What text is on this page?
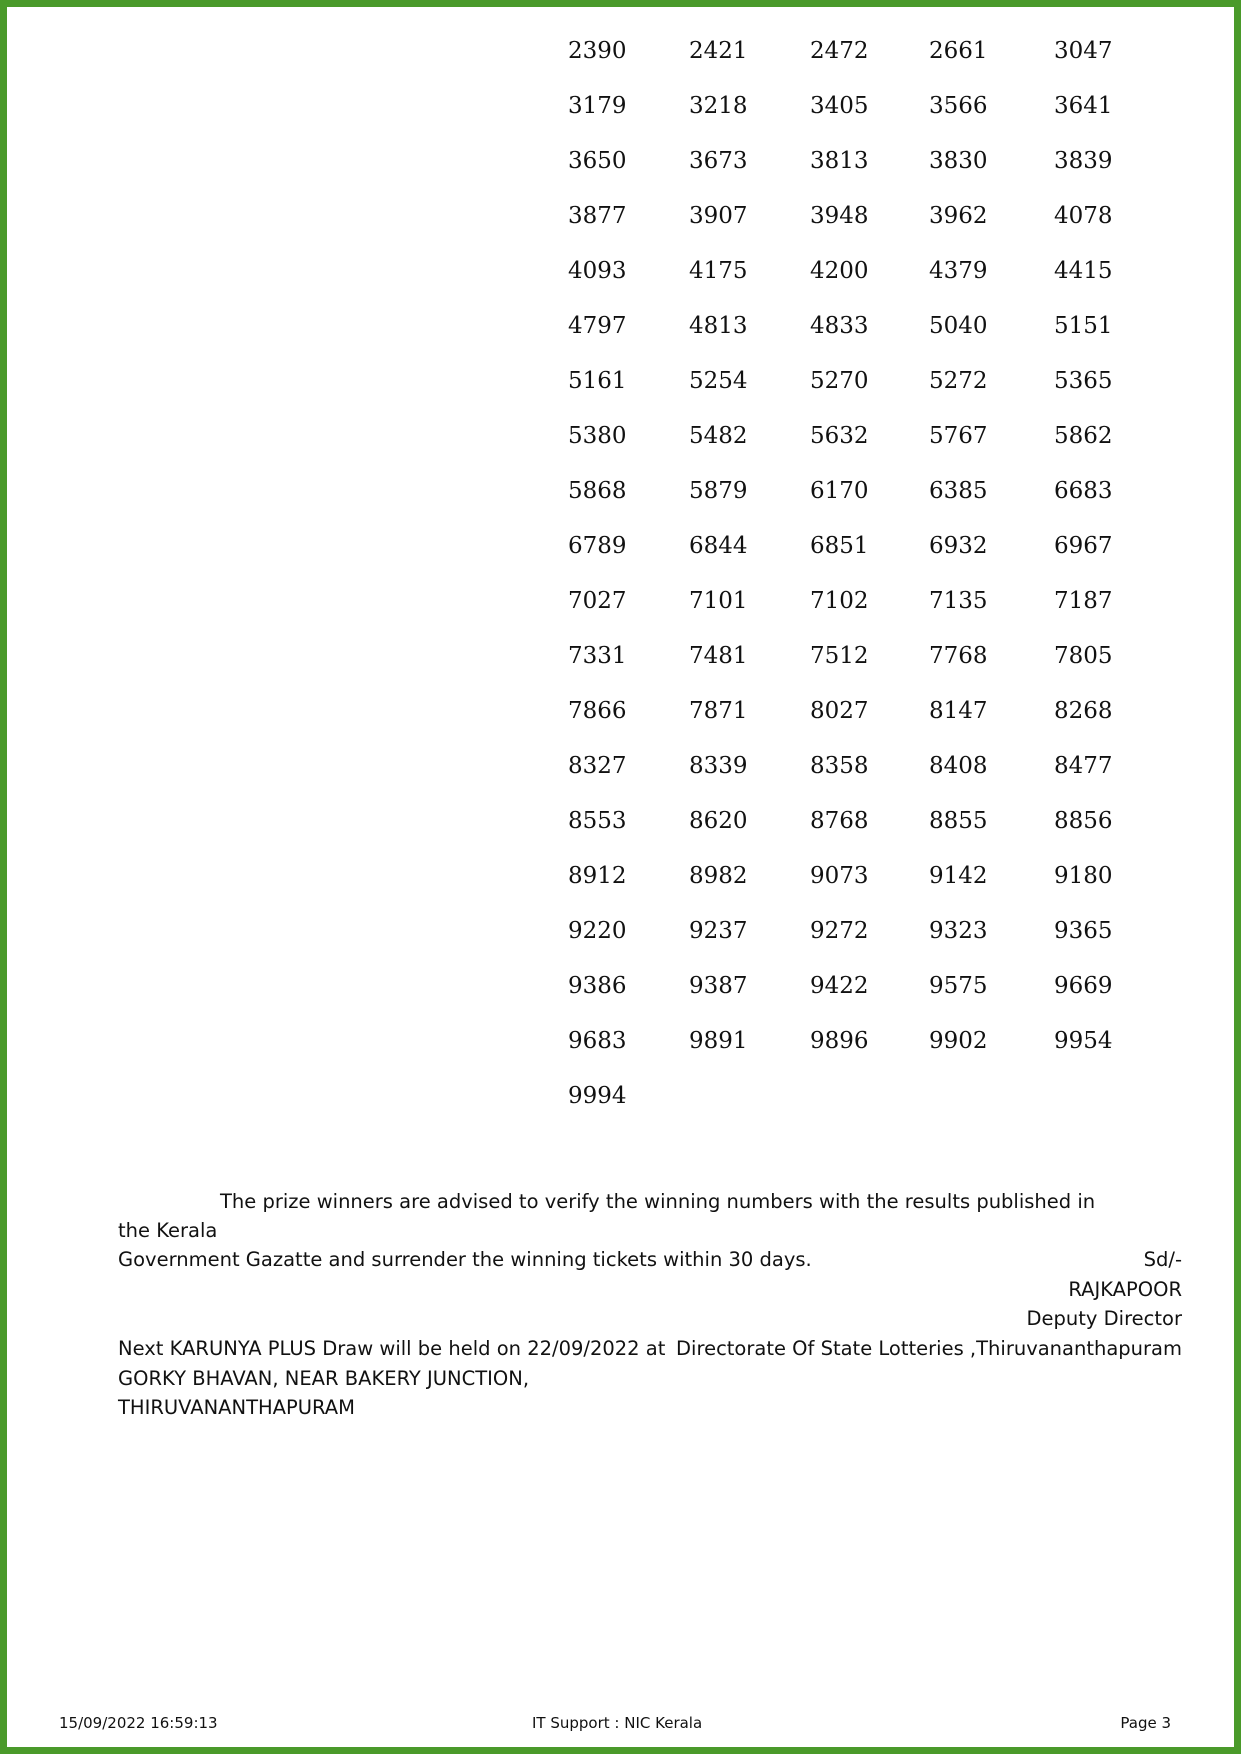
2390	2421	2472	2661	3047
3179	3218	3405	3566	3641
3650	3673	3813	3830	3839
3877	3907	3948	3962	4078
4093	4175	4200	4379	4415
4797	4813	4833	5040	5151
5161	5254	5270	5272	5365
5380	5482	5632	5767	5862
5868	5879	6170	6385	6683
6789	6844	6851	6932	6967
7027	7101	7102	7135	7187
7331	7481	7512	7768	7805
7866	7871	8027	8147	8268
8327	8339	8358	8408	8477
8553	8620	8768	8855	8856
8912	8982	9073	9142	9180
9220	9237	9272	9323	9365
9386	9387	9422	9575	9669
9683	9891	9896	9902	9954
9994
The prize winners are advised to verify the winning numbers with the results published in the Kerala
Government Gazatte and surrender the winning tickets within 30 days.	Sd/-
RAJKAPOOR
Deputy Director
Directorate Of State Lotteries ,Thiruvananthapuram
Next KARUNYA PLUS Draw will be held on 22/09/2022 at
GORKY BHAVAN, NEAR BAKERY JUNCTION,
THIRUVANANTHAPURAM
15/09/2022 16:59:13	IT Support : NIC Kerala	Page 3
